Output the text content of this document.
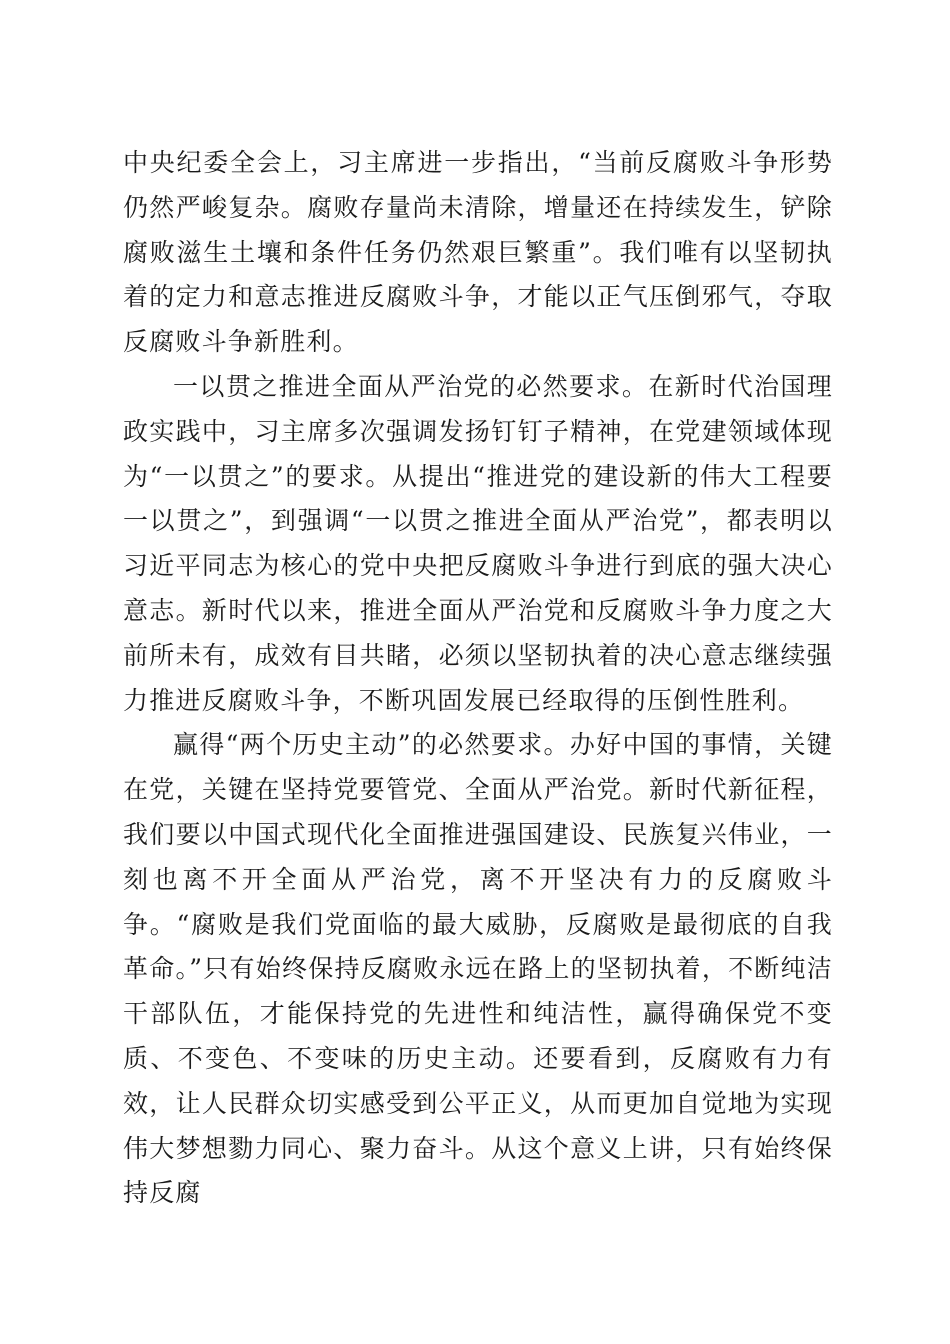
中央纪委全会上，习主席进一步指出，“当前反腐败斗争形势仍然严峻复杂。腐败存量尚未清除，增量还在持续发生，铲除腐败滋生土壤和条件任务仍然艰巨繁重”。我们唯有以坚韧执着的定力和意志推进反腐败斗争，才能以正气压倒邪气，夺取反腐败斗争新胜利。

一以贯之推进全面从严治党的必然要求。在新时代治国理政实践中，习主席多次强调发扬钉钉子精神，在党建领域体现为“一以贯之”的要求。从提出“推进党的建设新的伟大工程要一以贯之”，到强调“一以贯之推进全面从严治党”，都表明以习近平同志为核心的党中央把反腐败斗争进行到底的强大决心意志。新时代以来，推进全面从严治党和反腐败斗争力度之大前所未有，成效有目共睹，必须以坚韧执着的决心意志继续强力推进反腐败斗争，不断巩固发展已经取得的压倒性胜利。

赢得“两个历史主动”的必然要求。办好中国的事情，关键在党，关键在坚持党要管党、全面从严治党。新时代新征程，我们要以中国式现代化全面推进强国建设、民族复兴伟业，一刻也离不开全面从严治党，离不开坚决有力的反腐败斗争。“腐败是我们党面临的最大威胁，反腐败是最彻底的自我革命。”只有始终保持反腐败永远在路上的坚韧执着，不断纯洁干部队伍，才能保持党的先进性和纯洁性，赢得确保党不变质、不变色、不变味的历史主动。还要看到，反腐败有力有效，让人民群众切实感受到公平正义，从而更加自觉地为实现伟大梦想勠力同心、聚力奋斗。从这个意义上讲，只有始终保持反腐
